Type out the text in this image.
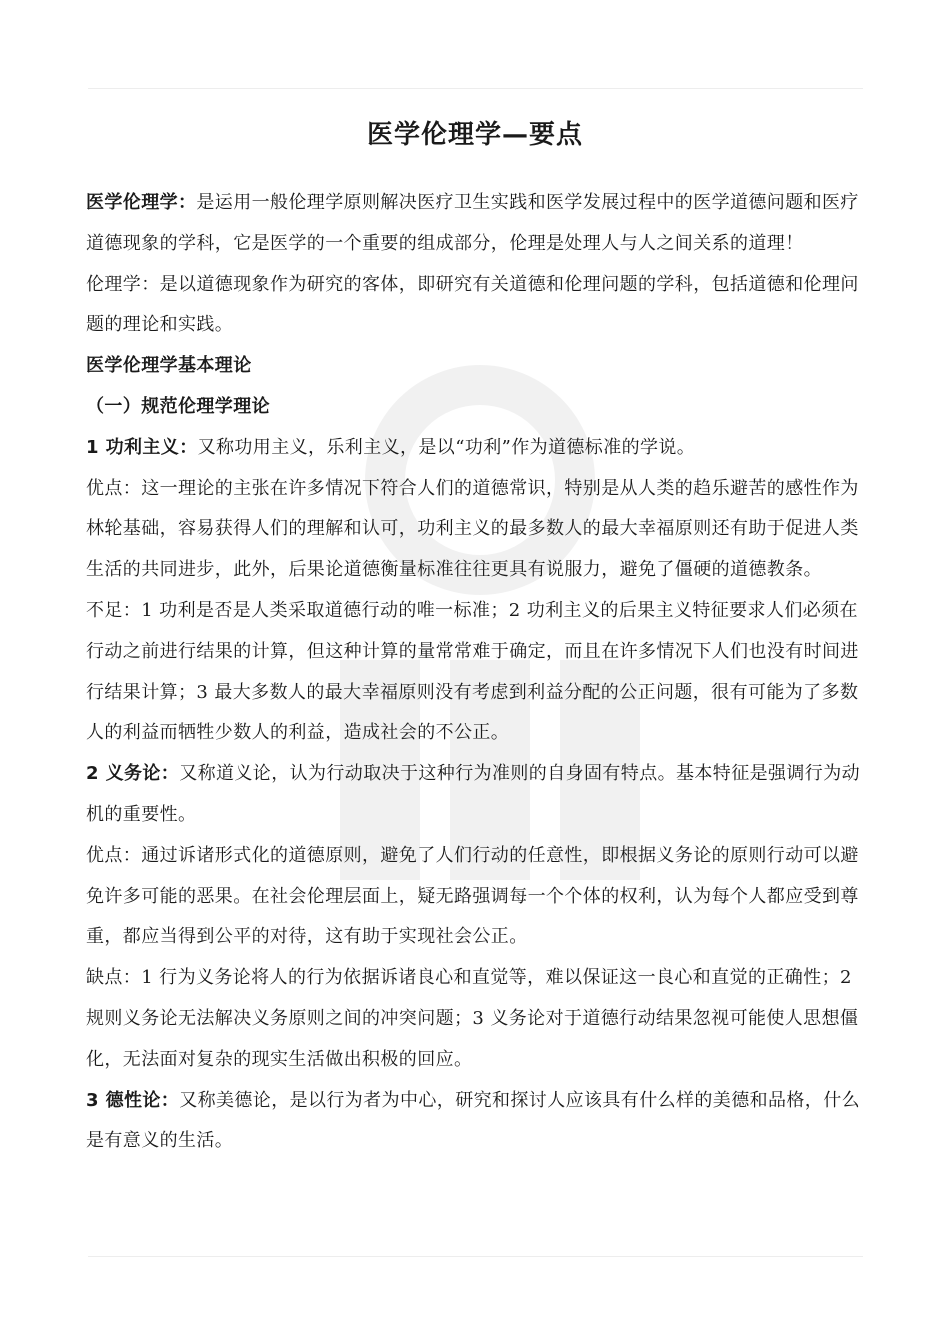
医学伦理学—要点

医学伦理学：是运用一般伦理学原则解决医疗卫生实践和医学发展过程中的医学道德问题和医疗道德现象的学科，它是医学的一个重要的组成部分，伦理是处理人与人之间关系的道理！

伦理学：是以道德现象作为研究的客体，即研究有关道德和伦理问题的学科，包括道德和伦理问题的理论和实践。

医学伦理学基本理论

（一）规范伦理学理论

1 功利主义：又称功用主义，乐利主义，是以“功利”作为道德标准的学说。

优点：这一理论的主张在许多情况下符合人们的道德常识，特别是从人类的趋乐避苦的感性作为林轮基础，容易获得人们的理解和认可，功利主义的最多数人的最大幸福原则还有助于促进人类生活的共同进步，此外，后果论道德衡量标准往往更具有说服力，避免了僵硬的道德教条。

不足：1 功利是否是人类采取道德行动的唯一标准；2 功利主义的后果主义特征要求人们必须在行动之前进行结果的计算，但这种计算的量常常难于确定，而且在许多情况下人们也没有时间进行结果计算；3 最大多数人的最大幸福原则没有考虑到利益分配的公正问题，很有可能为了多数人的利益而牺牲少数人的利益，造成社会的不公正。

2 义务论：又称道义论，认为行动取决于这种行为准则的自身固有特点。基本特征是强调行为动机的重要性。

优点：通过诉诸形式化的道德原则，避免了人们行动的任意性，即根据义务论的原则行动可以避免许多可能的恶果。在社会伦理层面上，疑无路强调每一个个体的权利，认为每个人都应受到尊重，都应当得到公平的对待，这有助于实现社会公正。

缺点：1 行为义务论将人的行为依据诉诸良心和直觉等，难以保证这一良心和直觉的正确性；2 规则义务论无法解决义务原则之间的冲突问题；3 义务论对于道德行动结果忽视可能使人思想僵化，无法面对复杂的现实生活做出积极的回应。

3 德性论：又称美德论，是以行为者为中心，研究和探讨人应该具有什么样的美德和品格，什么是有意义的生活。
